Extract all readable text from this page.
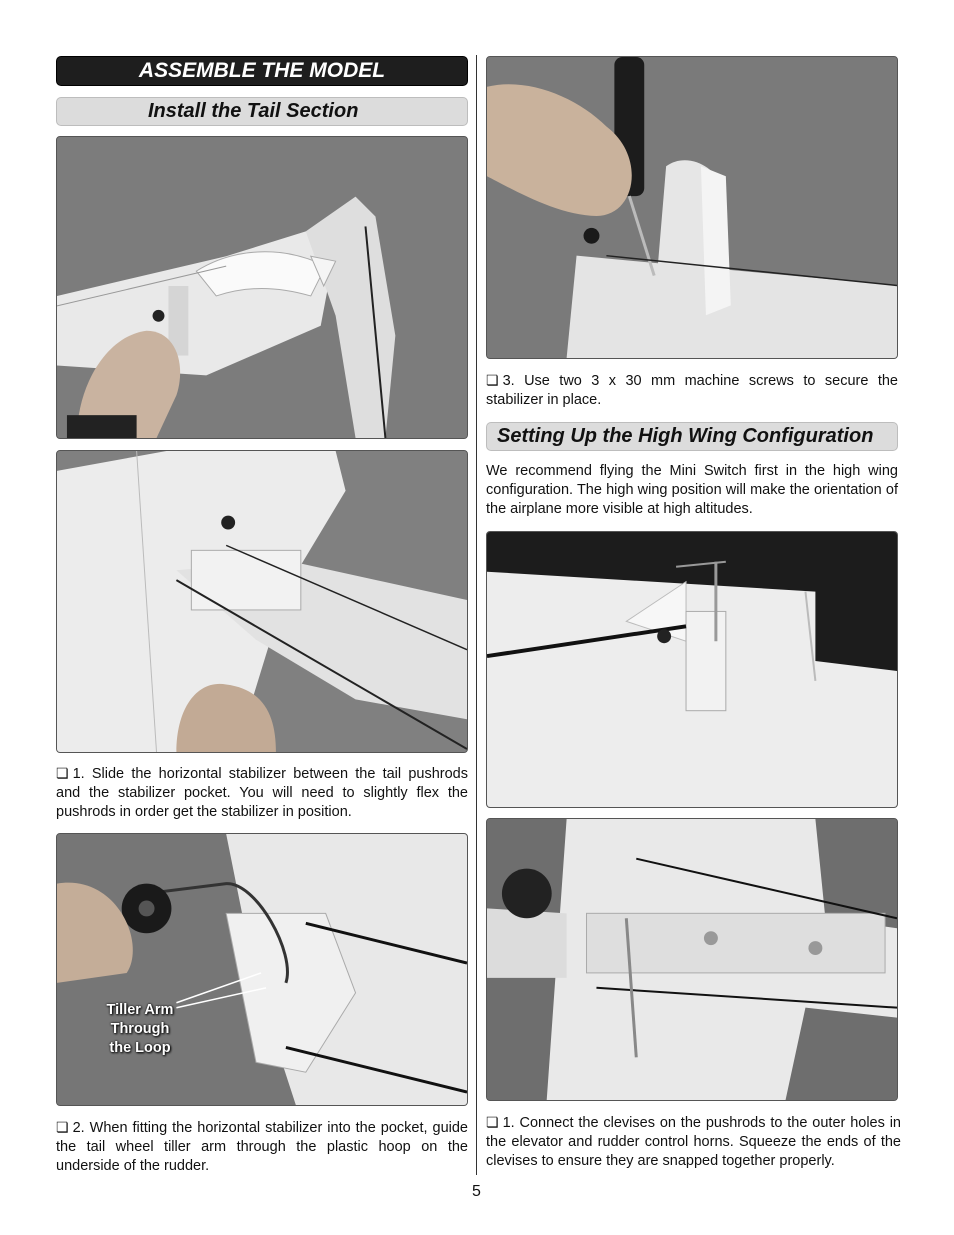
ASSEMBLE THE MODEL
Install the Tail Section

❏ 1. Slide the horizontal stabilizer between the tail pushrods and the stabilizer pocket. You will need to slightly flex the pushrods in order get the stabilizer in position.

Tiller Arm
Through
the Loop

❏ 2. When fitting the horizontal stabilizer into the pocket, guide the tail wheel tiller arm through the plastic hoop on the underside of the rudder.

❏ 3. Use two 3 x 30 mm machine screws to secure the stabilizer in place.

Setting Up the High Wing Configuration

We recommend flying the Mini Switch first in the high wing configuration. The high wing position will make the orientation of the airplane more visible at high altitudes.

❏ 1. Connect the clevises on the pushrods to the outer holes in the elevator and rudder control horns. Squeeze the ends of the clevises to ensure they are snapped together properly.

5
